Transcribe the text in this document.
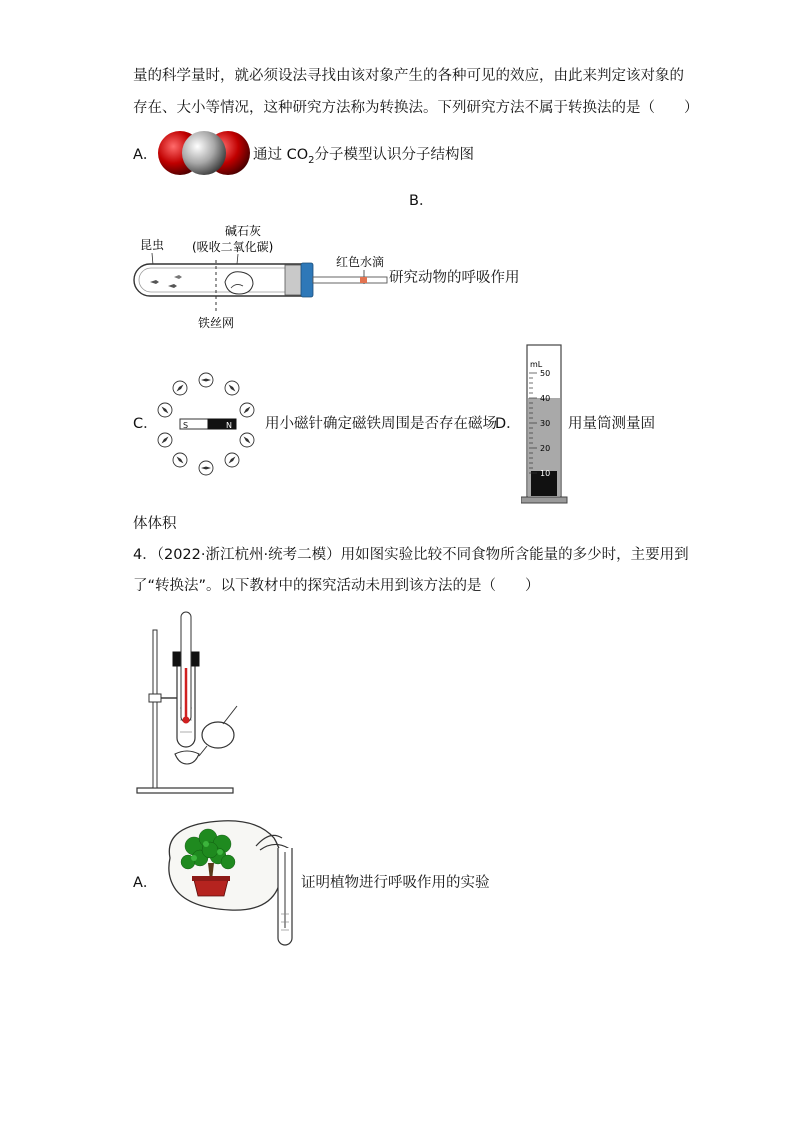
量的科学量时，就必须设法寻找由该对象产生的各种可见的效应，由此来判定该对象的
存在、大小等情况，这种研究方法称为转换法。下列研究方法不属于转换法的是（　　）
A．	通过 $CO_2$分子模型认识分子结构图
B．
昆虫
碱石灰
(吸收二氧化碳)
红色水滴
铁丝网
研究动物的呼吸作用
C．	S	N 用小磁针确定磁铁周围是否存在磁场
D．
mL
50
40
30
20
10
用量筒测量固
体体积
4．（2022·浙江杭州·统考二模）用如图实验比较不同食物所含能量的多少时，主要用到
了“转换法”。以下教材中的探究活动未用到该方法的是（　　）
A．	证明植物进行呼吸作用的实验
